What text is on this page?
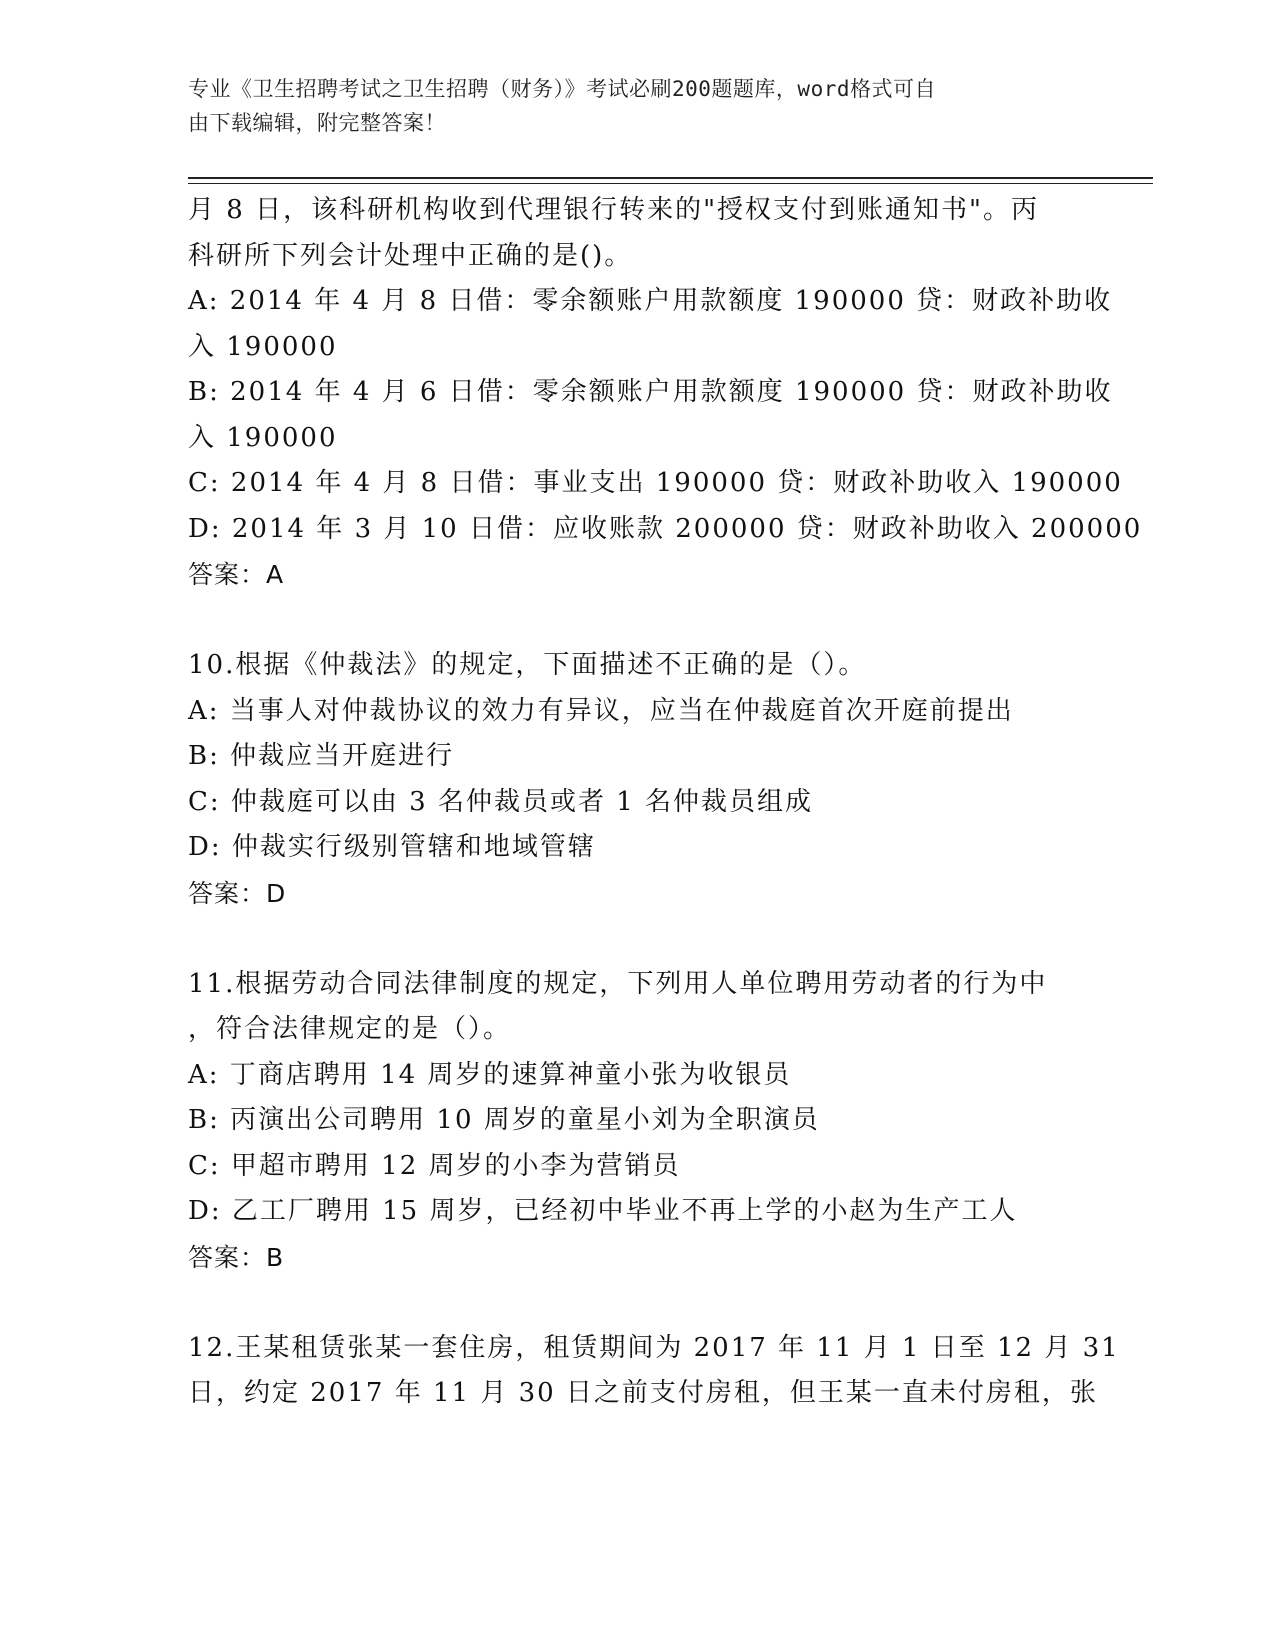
专业《卫生招聘考试之卫生招聘（财务）》考试必刷200题题库，word格式可自
由下载编辑，附完整答案！
月 8 日，该科研机构收到代理银行转来的"授权支付到账通知书"。丙
科研所下列会计处理中正确的是()。
A: 2014 年 4 月 8 日借：零余额账户用款额度 190000 贷：财政补助收
入 190000
B: 2014 年 4 月 6 日借：零余额账户用款额度 190000 贷：财政补助收
入 190000
C: 2014 年 4 月 8 日借：事业支出 190000 贷：财政补助收入 190000
D: 2014 年 3 月 10 日借：应收账款 200000 贷：财政补助收入 200000
答案：A
10.根据《仲裁法》的规定，下面描述不正确的是（）。
A: 当事人对仲裁协议的效力有异议，应当在仲裁庭首次开庭前提出
B: 仲裁应当开庭进行
C: 仲裁庭可以由 3 名仲裁员或者 1 名仲裁员组成
D: 仲裁实行级别管辖和地域管辖
答案：D
11.根据劳动合同法律制度的规定，下列用人单位聘用劳动者的行为中
，符合法律规定的是（）。
A: 丁商店聘用 14 周岁的速算神童小张为收银员
B: 丙演出公司聘用 10 周岁的童星小刘为全职演员
C: 甲超市聘用 12 周岁的小李为营销员
D: 乙工厂聘用 15 周岁，已经初中毕业不再上学的小赵为生产工人
答案：B
12.王某租赁张某一套住房，租赁期间为 2017 年 11 月 1 日至 12 月 31
日，约定 2017 年 11 月 30 日之前支付房租，但王某一直未付房租，张
